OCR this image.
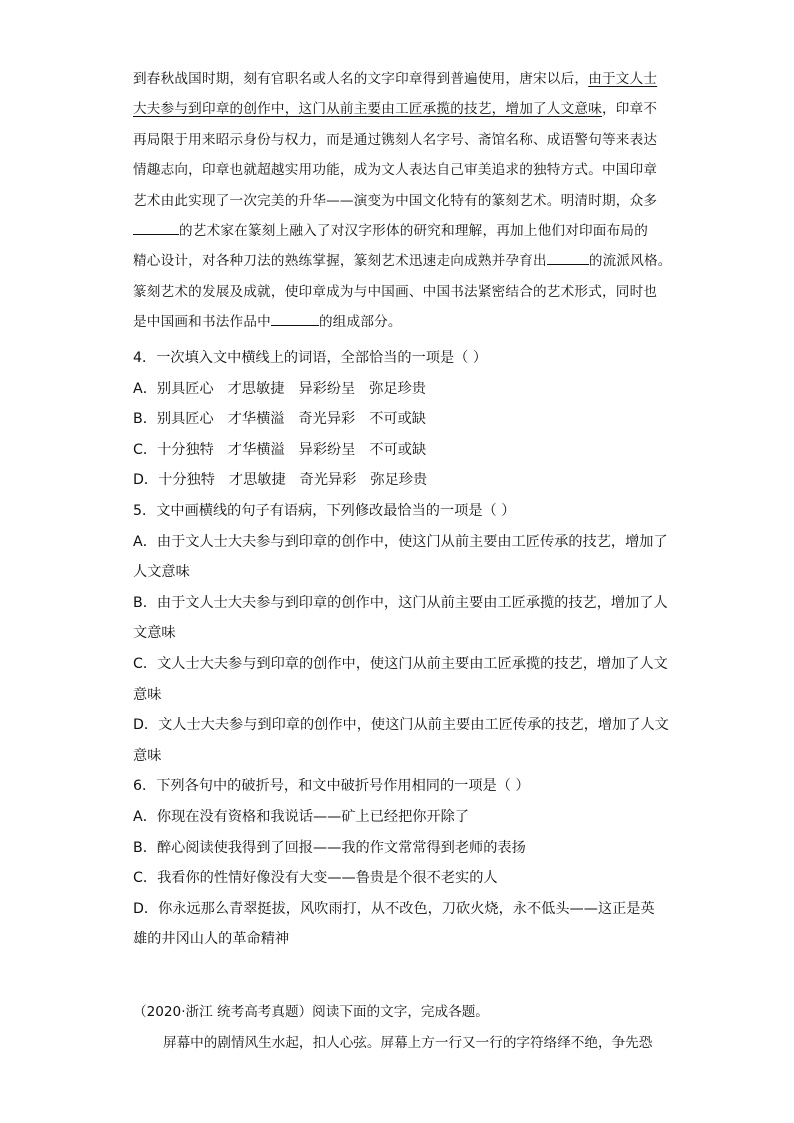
到春秋战国时期，刻有官职名或人名的文字印章得到普遍使用，唐宋以后，由于文人士
大夫参与到印章的创作中，这门从前主要由工匠承揽的技艺，增加了人文意味，印章不
再局限于用来昭示身份与权力，而是通过镌刻人名字号、斋馆名称、成语警句等来表达
情趣志向，印章也就超越实用功能，成为文人表达自己审美追求的独特方式。中国印章
艺术由此实现了一次完美的升华——演变为中国文化特有的篆刻艺术。明清时期，众多
的艺术家在篆刻上融入了对汉字形体的研究和理解，再加上他们对印面布局的
精心设计，对各种刀法的熟练掌握，篆刻艺术迅速走向成熟并孕育出	的流派风格。
篆刻艺术的发展及成就，使印章成为与中国画、中国书法紧密结合的艺术形式，同时也
是中国画和书法作品中	的组成部分。
4．一次填入文中横线上的词语，全部恰当的一项是（ ）
A．别具匠心 才思敏捷 异彩纷呈 弥足珍贵
B．别具匠心 才华横溢 奇光异彩 不可或缺
C．十分独特 才华横溢 异彩纷呈 不可或缺
D．十分独特 才思敏捷 奇光异彩 弥足珍贵
5．文中画横线的句子有语病，下列修改最恰当的一项是（ ）
A．由于文人士大夫参与到印章的创作中，使这门从前主要由工匠传承的技艺，增加了
人文意味
B．由于文人士大夫参与到印章的创作中，这门从前主要由工匠承揽的技艺，增加了人
文意味
C．文人士大夫参与到印章的创作中，使这门从前主要由工匠承揽的技艺，增加了人文
意味
D．文人士大夫参与到印章的创作中，使这门从前主要由工匠传承的技艺，增加了人文
意味
6．下列各句中的破折号，和文中破折号作用相同的一项是（ ）
A．你现在没有资格和我说话——矿上已经把你开除了
B．醉心阅读使我得到了回报——我的作文常常得到老师的表扬
C．我看你的性情好像没有大变——鲁贵是个很不老实的人
D．你永远那么青翠挺拔，风吹雨打，从不改色，刀砍火烧，永不低头——这正是英
雄的井冈山人的革命精神
（2020·浙江 统考高考真题）阅读下面的文字，完成各题。
屏幕中的剧情风生水起，扣人心弦。屏幕上方一行又一行的字符络绎不绝，争先恐
